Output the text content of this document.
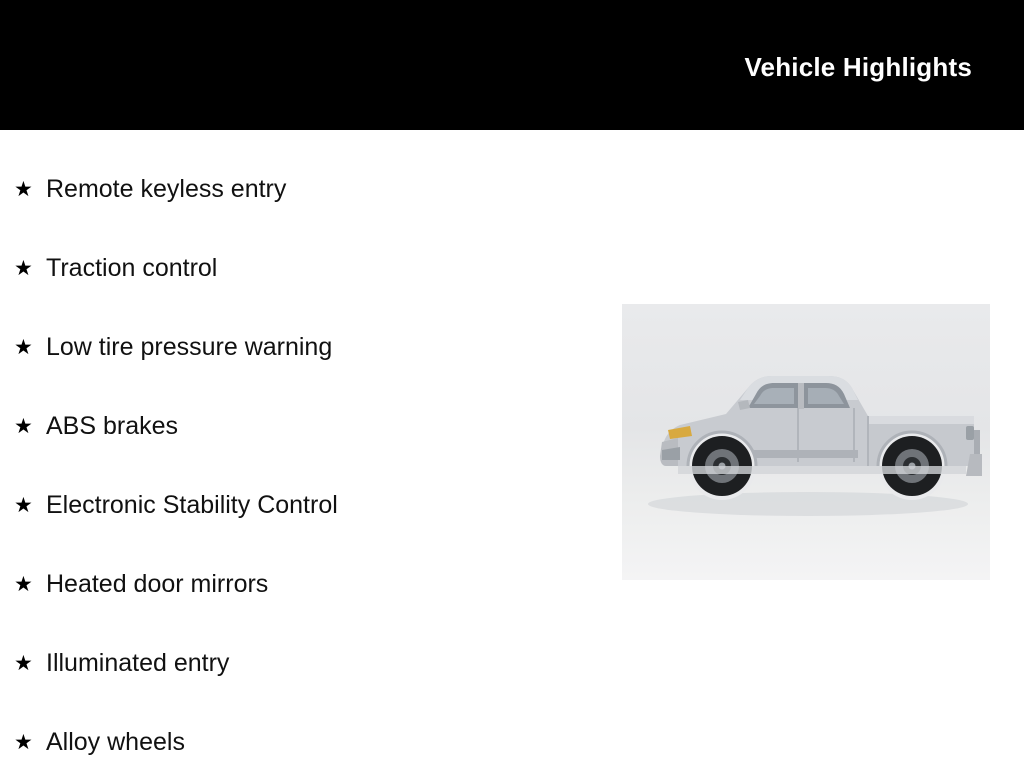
Vehicle Highlights
★ Remote keyless entry
★ Traction control
★ Low tire pressure warning
★ ABS brakes
★ Electronic Stability Control
★ Heated door mirrors
★ Illuminated entry
★ Alloy wheels
